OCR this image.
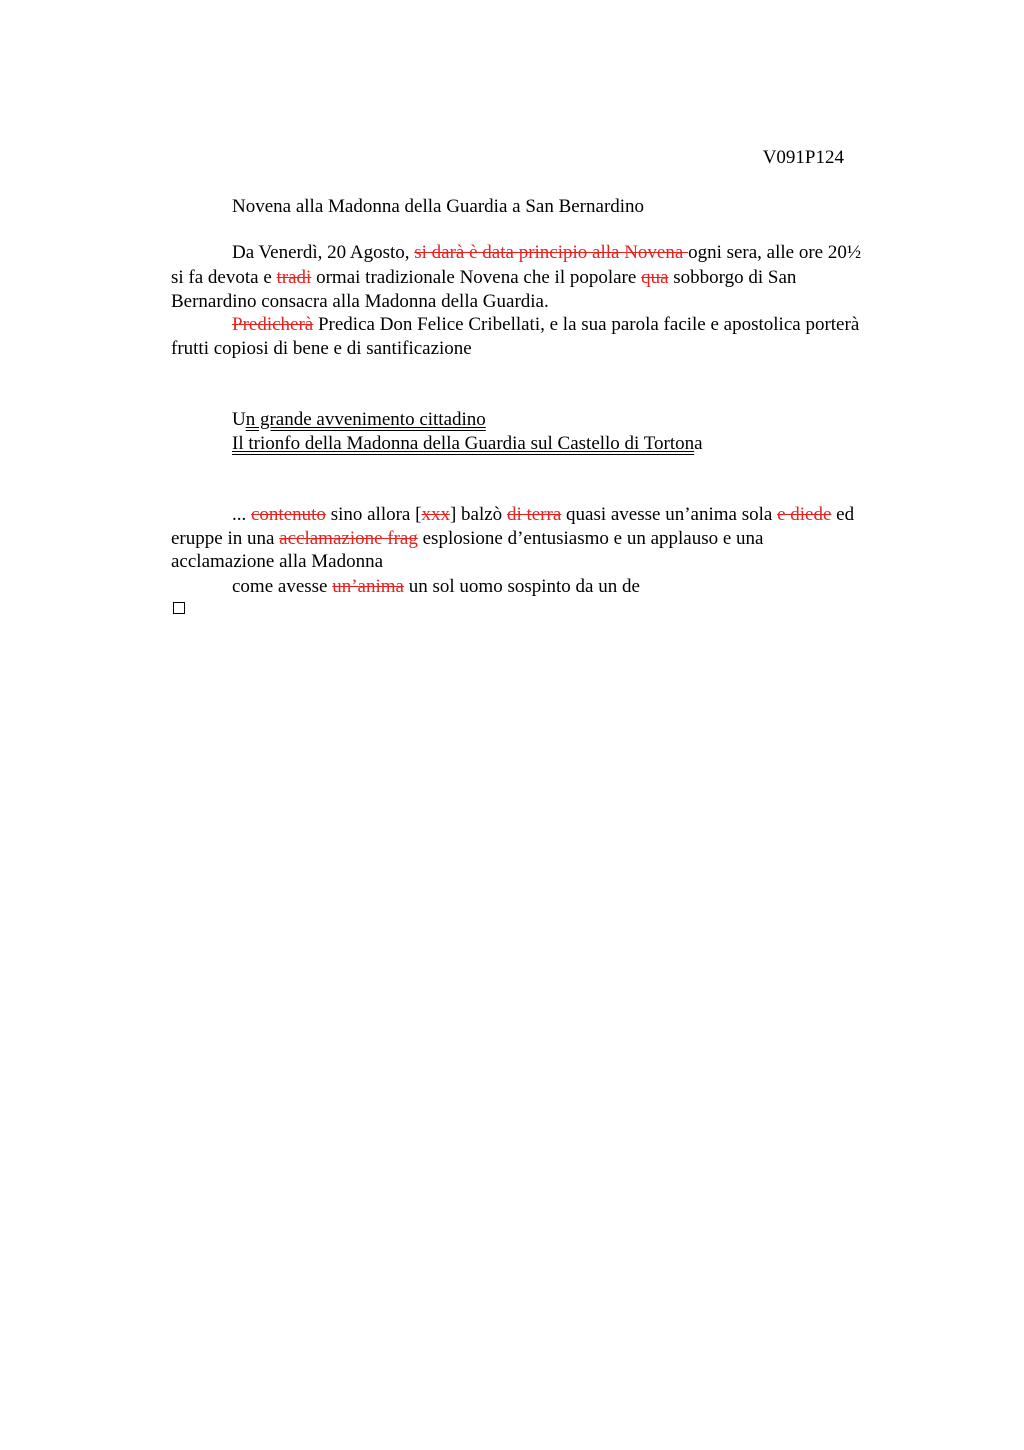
V091P124
Novena alla Madonna della Guardia a San Bernardino
Da Venerdì, 20 Agosto, si darà è data principio alla Novena ogni sera, alle ore 20½
si fa devota e tradi ormai tradizionale Novena che il popolare qua sobborgo di San
Bernardino consacra alla Madonna della Guardia.
Predicherà Predica Don Felice Cribellati, e la sua parola facile e apostolica porterà
frutti copiosi di bene e di santificazione
Un grande avvenimento cittadino
Il trionfo della Madonna della Guardia sul Castello di Tortona
... contenuto sino allora [xxx] balzò di terra quasi avesse un’anima sola e diede ed
eruppe in una acclamazione frag esplosione d’entusiasmo e un applauso e una
acclamazione alla Madonna
come avesse un’anima un sol uomo sospinto da un de
